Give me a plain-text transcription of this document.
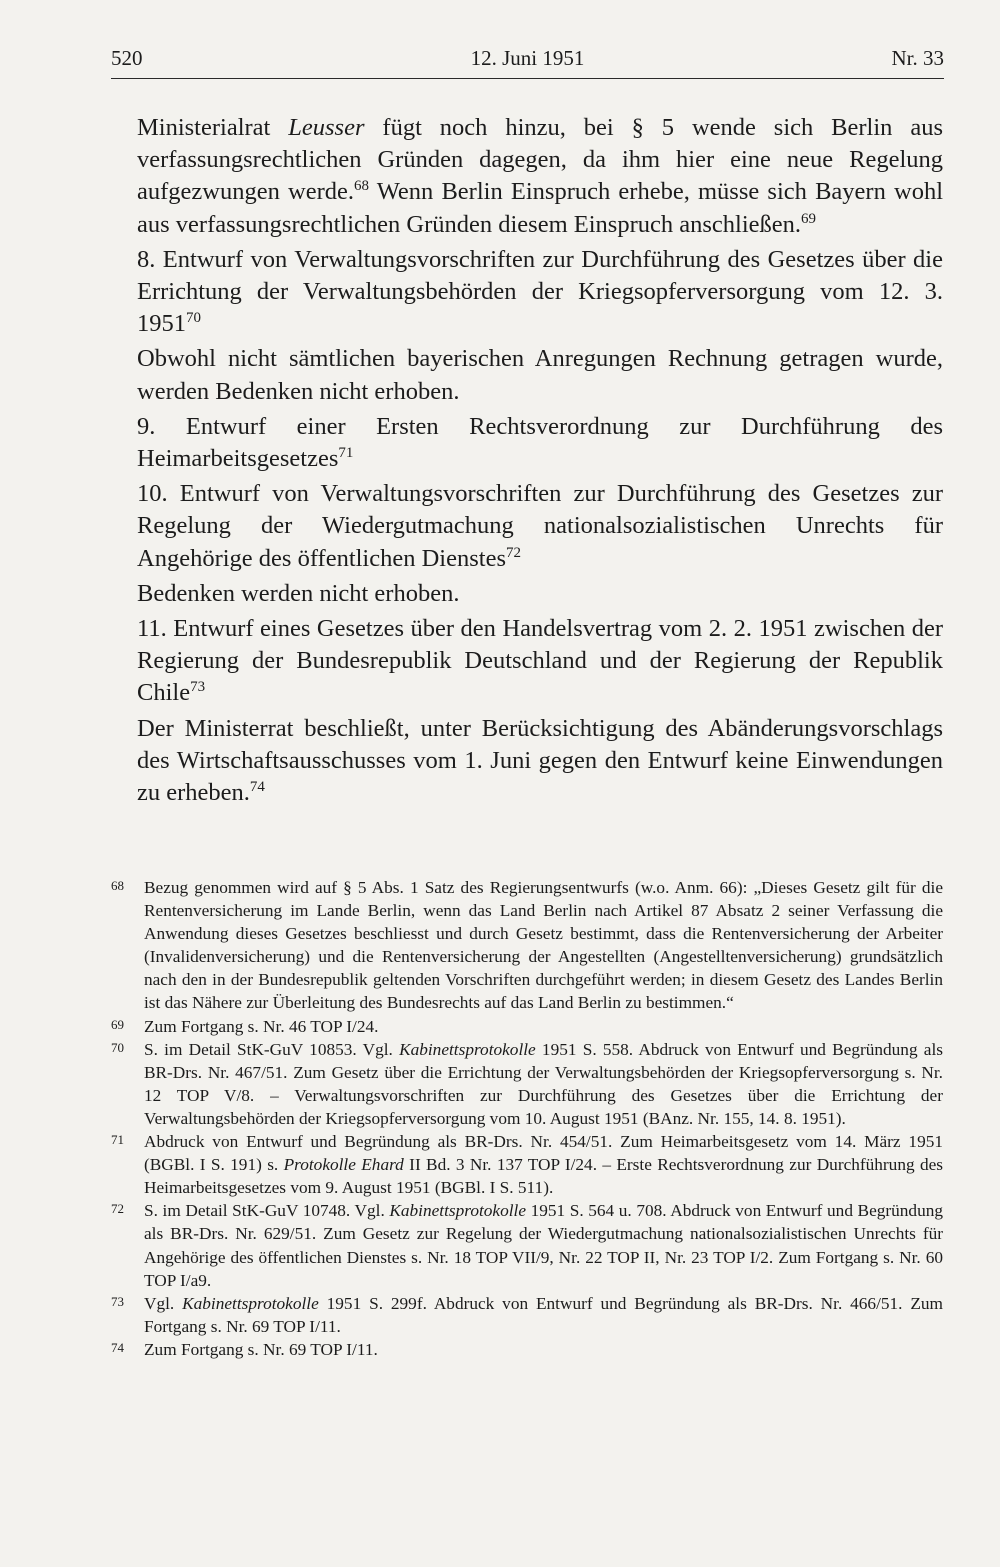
520	12. Juni 1951	Nr. 33

Ministerialrat Leusser fügt noch hinzu, bei § 5 wende sich Berlin aus verfassungsrechtlichen Gründen dagegen, da ihm hier eine neue Regelung aufgezwungen werde.$^{68}$ Wenn Berlin Einspruch erhebe, müsse sich Bayern wohl aus verfassungsrechtlichen Gründen diesem Einspruch anschließen.$^{69}$

8. Entwurf von Verwaltungsvorschriften zur Durchführung des Gesetzes über die Errichtung der Verwaltungsbehörden der Kriegsopferversorgung vom 12. 3. 1951$^{70}$

Obwohl nicht sämtlichen bayerischen Anregungen Rechnung getragen wurde, werden Bedenken nicht erhoben.

9. Entwurf einer Ersten Rechtsverordnung zur Durchführung des Heimarbeitsgesetzes$^{71}$

10. Entwurf von Verwaltungsvorschriften zur Durchführung des Gesetzes zur Regelung der Wiedergutmachung nationalsozialistischen Unrechts für Angehörige des öffentlichen Dienstes$^{72}$

Bedenken werden nicht erhoben.

11. Entwurf eines Gesetzes über den Handelsvertrag vom 2. 2. 1951 zwischen der Regierung der Bundesrepublik Deutschland und der Regierung der Republik Chile$^{73}$

Der Ministerrat beschließt, unter Berücksichtigung des Abänderungsvorschlags des Wirtschaftsausschusses vom 1. Juni gegen den Entwurf keine Einwendungen zu erheben.$^{74}$

68 Bezug genommen wird auf § 5 Abs. 1 Satz des Regierungsentwurfs (w.o. Anm. 66): „Dieses Gesetz gilt für die Rentenversicherung im Lande Berlin, wenn das Land Berlin nach Artikel 87 Absatz 2 seiner Verfassung die Anwendung dieses Gesetzes beschliesst und durch Gesetz bestimmt, dass die Rentenversicherung der Arbeiter (Invalidenversicherung) und die Rentenversicherung der Angestellten (Angestelltenversicherung) grundsätzlich nach den in der Bundesrepublik geltenden Vorschriften durchgeführt werden; in diesem Gesetz des Landes Berlin ist das Nähere zur Überleitung des Bundesrechts auf das Land Berlin zu bestimmen.“

69 Zum Fortgang s. Nr. 46 TOP I/24.

70 S. im Detail StK-GuV 10853. Vgl. Kabinettsprotokolle 1951 S. 558. Abdruck von Entwurf und Begründung als BR-Drs. Nr. 467/51. Zum Gesetz über die Errichtung der Verwaltungsbehörden der Kriegsopferversorgung s. Nr. 12 TOP V/8. – Verwaltungsvorschriften zur Durchführung des Gesetzes über die Errichtung der Verwaltungsbehörden der Kriegsopferversorgung vom 10. August 1951 (BAnz. Nr. 155, 14. 8. 1951).

71 Abdruck von Entwurf und Begründung als BR-Drs. Nr. 454/51. Zum Heimarbeitsgesetz vom 14. März 1951 (BGBl. I S. 191) s. Protokolle Ehard II Bd. 3 Nr. 137 TOP I/24. – Erste Rechtsverordnung zur Durchführung des Heimarbeitsgesetzes vom 9. August 1951 (BGBl. I S. 511).

72 S. im Detail StK-GuV 10748. Vgl. Kabinettsprotokolle 1951 S. 564 u. 708. Abdruck von Entwurf und Begründung als BR-Drs. Nr. 629/51. Zum Gesetz zur Regelung der Wiedergutmachung nationalsozialistischen Unrechts für Angehörige des öffentlichen Dienstes s. Nr. 18 TOP VII/9, Nr. 22 TOP II, Nr. 23 TOP I/2. Zum Fortgang s. Nr. 60 TOP I/a9.

73 Vgl. Kabinettsprotokolle 1951 S. 299f. Abdruck von Entwurf und Begründung als BR-Drs. Nr. 466/51. Zum Fortgang s. Nr. 69 TOP I/11.

74 Zum Fortgang s. Nr. 69 TOP I/11.
